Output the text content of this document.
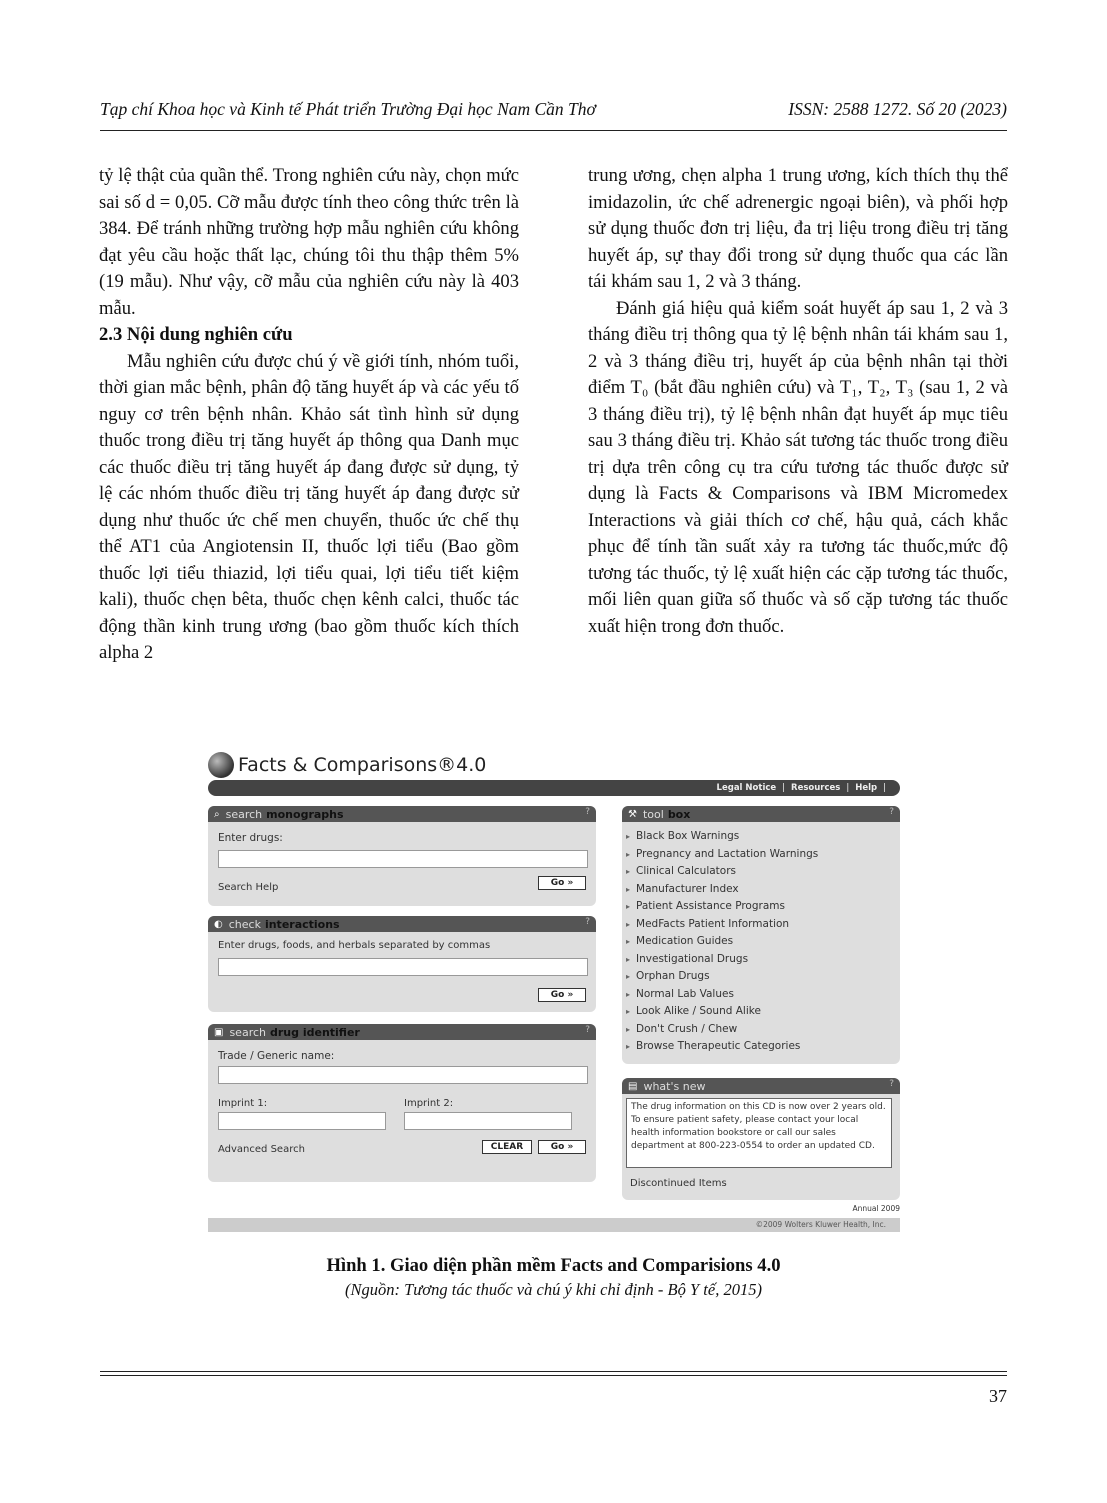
Tạp chí Khoa học và Kinh tế Phát triển Trường Đại học Nam Cần Thơ	ISSN: 2588 1272. Số 20 (2023)

tỷ lệ thật của quần thể. Trong nghiên cứu này, chọn mức sai số d = 0,05. Cỡ mẫu được tính theo công thức trên là 384. Để tránh những trường hợp mẫu nghiên cứu không đạt yêu cầu hoặc thất lạc, chúng tôi thu thập thêm 5% (19 mẫu). Như vậy, cỡ mẫu của nghiên cứu này là 403 mẫu.

2.3 Nội dung nghiên cứu

Mẫu nghiên cứu được chú ý về giới tính, nhóm tuổi, thời gian mắc bệnh, phân độ tăng huyết áp và các yếu tố nguy cơ trên bệnh nhân. Khảo sát tình hình sử dụng thuốc trong điều trị tăng huyết áp thông qua Danh mục các thuốc điều trị tăng huyết áp đang được sử dụng, tỷ lệ các nhóm thuốc điều trị tăng huyết áp đang được sử dụng như thuốc ức chế men chuyển, thuốc ức chế thụ thể AT1 của Angiotensin II, thuốc lợi tiểu (Bao gồm thuốc lợi tiểu thiazid, lợi tiểu quai, lợi tiểu tiết kiệm kali), thuốc chẹn bêta, thuốc chẹn kênh calci, thuốc tác động thần kinh trung ương (bao gồm thuốc kích thích alpha 2

trung ương, chẹn alpha 1 trung ương, kích thích thụ thể imidazolin, ức chế adrenergic ngoại biên), và phối hợp sử dụng thuốc đơn trị liệu, đa trị liệu trong điều trị tăng huyết áp, sự thay đổi trong sử dụng thuốc qua các lần tái khám sau 1, 2 và 3 tháng.

Đánh giá hiệu quả kiểm soát huyết áp sau 1, 2 và 3 tháng điều trị thông qua tỷ lệ bệnh nhân tái khám sau 1, 2 và 3 tháng điều trị, huyết áp của bệnh nhân tại thời điểm T₀ (bắt đầu nghiên cứu) và T₁, T₂, T₃ (sau 1, 2 và 3 tháng điều trị), tỷ lệ bệnh nhân đạt huyết áp mục tiêu sau 3 tháng điều trị. Khảo sát tương tác thuốc trong điều trị dựa trên công cụ tra cứu tương tác thuốc được sử dụng là Facts & Comparisons và IBM Micromedex Interactions và giải thích cơ chế, hậu quả, cách khắc phục để tính tần suất xảy ra tương tác thuốc,mức độ tương tác thuốc, tỷ lệ xuất hiện các cặp tương tác thuốc, mối liên quan giữa số thuốc và số cặp tương tác thuốc xuất hiện trong đơn thuốc.

Facts & Comparisons®4.0
Legal Notice | Resources | Help |
⌕ search monographs	?
Enter drugs:
Search Help	Go »
◐ check interactions	?
Enter drugs, foods, and herbals separated by commas
Go »
▣ search drug identifier	?
Trade / Generic name:
Imprint 1:	Imprint 2:
Advanced Search	CLEAR	Go »
⚒ tool box	?
▸ Black Box Warnings
▸ Pregnancy and Lactation Warnings
▸ Clinical Calculators
▸ Manufacturer Index
▸ Patient Assistance Programs
▸ MedFacts Patient Information
▸ Medication Guides
▸ Investigational Drugs
▸ Orphan Drugs
▸ Normal Lab Values
▸ Look Alike / Sound Alike
▸ Don't Crush / Chew
▸ Browse Therapeutic Categories
▤ what's new	?
The drug information on this CD is now over 2 years old. To ensure patient safety, please contact your local health information bookstore or call our sales department at 800-223-0554 to order an updated CD.
Discontinued Items
Annual 2009
©2009 Wolters Kluwer Health, Inc.
Hình 1. Giao diện phần mềm Facts and Comparisions 4.0
(Nguồn: Tương tác thuốc và chú ý khi chỉ định - Bộ Y tế, 2015)
37
